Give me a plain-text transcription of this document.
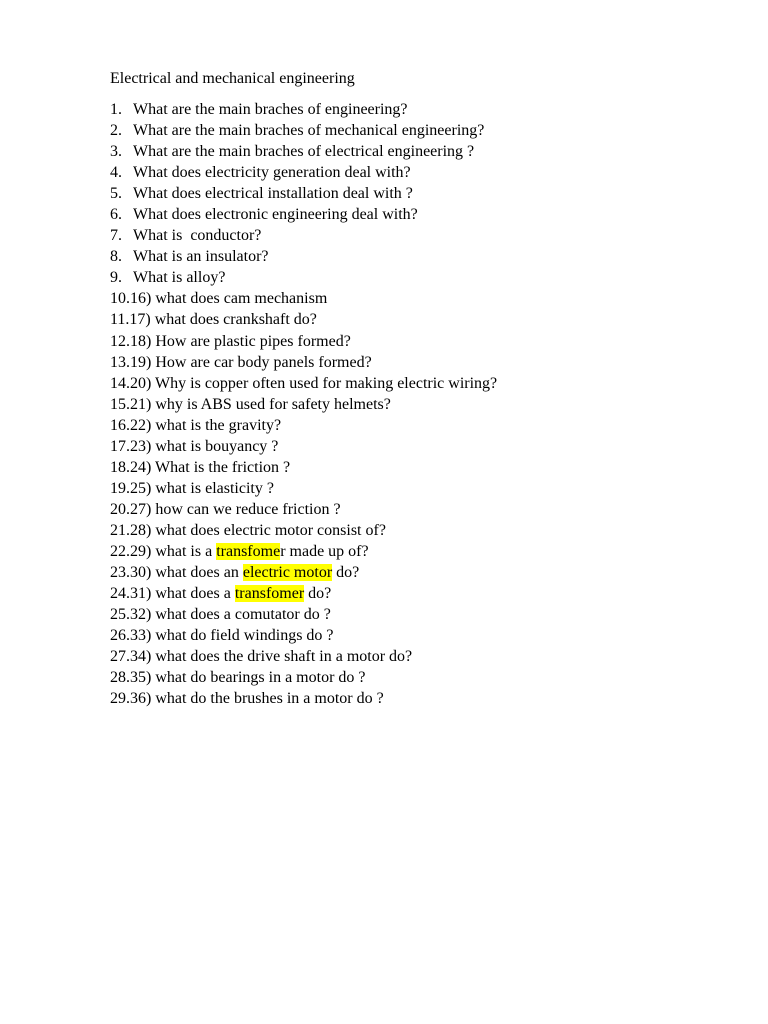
Electrical and mechanical engineering
1. What are the main braches of engineering?
2. What are the main braches of mechanical engineering?
3. What are the main braches of electrical engineering ?
4. What does electricity generation deal with?
5. What does electrical installation deal with ?
6. What does electronic engineering deal with?
7. What is  conductor?
8. What is an insulator?
9. What is alloy?
10.16) what does cam mechanism
11.17) what does crankshaft do?
12.18) How are plastic pipes formed?
13.19) How are car body panels formed?
14.20) Why is copper often used for making electric wiring?
15.21) why is ABS used for safety helmets?
16.22) what is the gravity?
17.23) what is bouyancy ?
18.24) What is the friction ?
19.25) what is elasticity ?
20.27) how can we reduce friction ?
21.28) what does electric motor consist of?
22.29) what is a transfomer made up of?
23.30) what does an electric motor do?
24.31) what does a transfomer do?
25.32) what does a comutator do ?
26.33) what do field windings do ?
27.34) what does the drive shaft in a motor do?
28.35) what do bearings in a motor do ?
29.36) what do the brushes in a motor do ?
